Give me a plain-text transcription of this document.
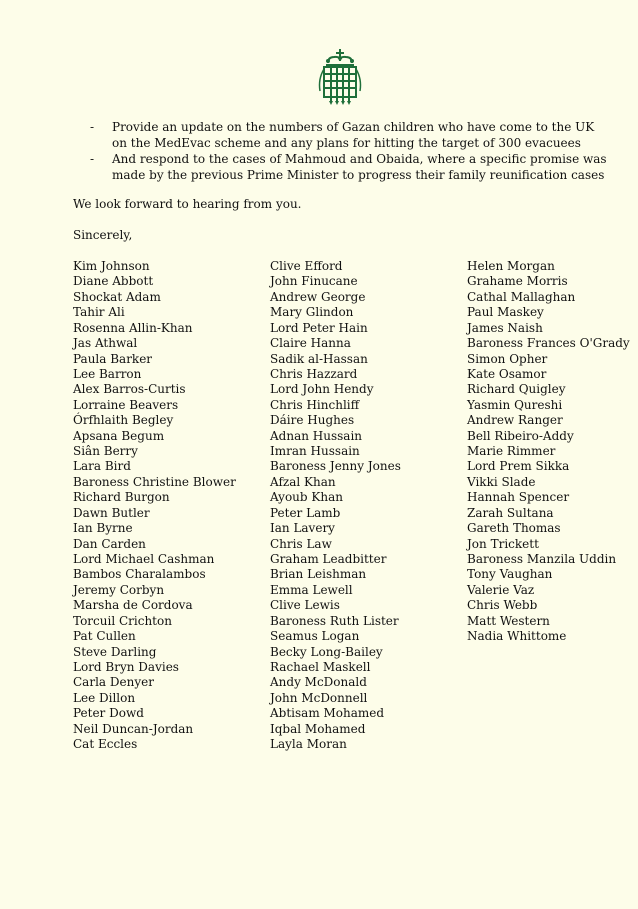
- Provide an update on the numbers of Gazan children who have come to the UK on the MedEvac scheme and any plans for hitting the target of 300 evacuees
- And respond to the cases of Mahmoud and Obaida, where a specific promise was made by the previous Prime Minister to progress their family reunification cases

We look forward to hearing from you.

Sincerely,

Kim Johnson
Diane Abbott
Shockat Adam
Tahir Ali
Rosenna Allin-Khan
Jas Athwal
Paula Barker
Lee Barron
Alex Barros-Curtis
Lorraine Beavers
Órfhlaith Begley
Apsana Begum
Siân Berry
Lara Bird
Baroness Christine Blower
Richard Burgon
Dawn Butler
Ian Byrne
Dan Carden
Lord Michael Cashman
Bambos Charalambos
Jeremy Corbyn
Marsha de Cordova
Torcuil Crichton
Pat Cullen
Steve Darling
Lord Bryn Davies
Carla Denyer
Lee Dillon
Peter Dowd
Neil Duncan-Jordan
Cat Eccles
Clive Efford
John Finucane
Andrew George
Mary Glindon
Lord Peter Hain
Claire Hanna
Sadik al-Hassan
Chris Hazzard
Lord John Hendy
Chris Hinchliff
Dáire Hughes
Adnan Hussain
Imran Hussain
Baroness Jenny Jones
Afzal Khan
Ayoub Khan
Peter Lamb
Ian Lavery
Chris Law
Graham Leadbitter
Brian Leishman
Emma Lewell
Clive Lewis
Baroness Ruth Lister
Seamus Logan
Becky Long-Bailey
Rachael Maskell
Andy McDonald
John McDonnell
Abtisam Mohamed
Iqbal Mohamed
Layla Moran
Helen Morgan
Grahame Morris
Cathal Mallaghan
Paul Maskey
James Naish
Baroness Frances O'Grady
Simon Opher
Kate Osamor
Richard Quigley
Yasmin Qureshi
Andrew Ranger
Bell Ribeiro-Addy
Marie Rimmer
Lord Prem Sikka
Vikki Slade
Hannah Spencer
Zarah Sultana
Gareth Thomas
Jon Trickett
Baroness Manzila Uddin
Tony Vaughan
Valerie Vaz
Chris Webb
Matt Western
Nadia Whittome
